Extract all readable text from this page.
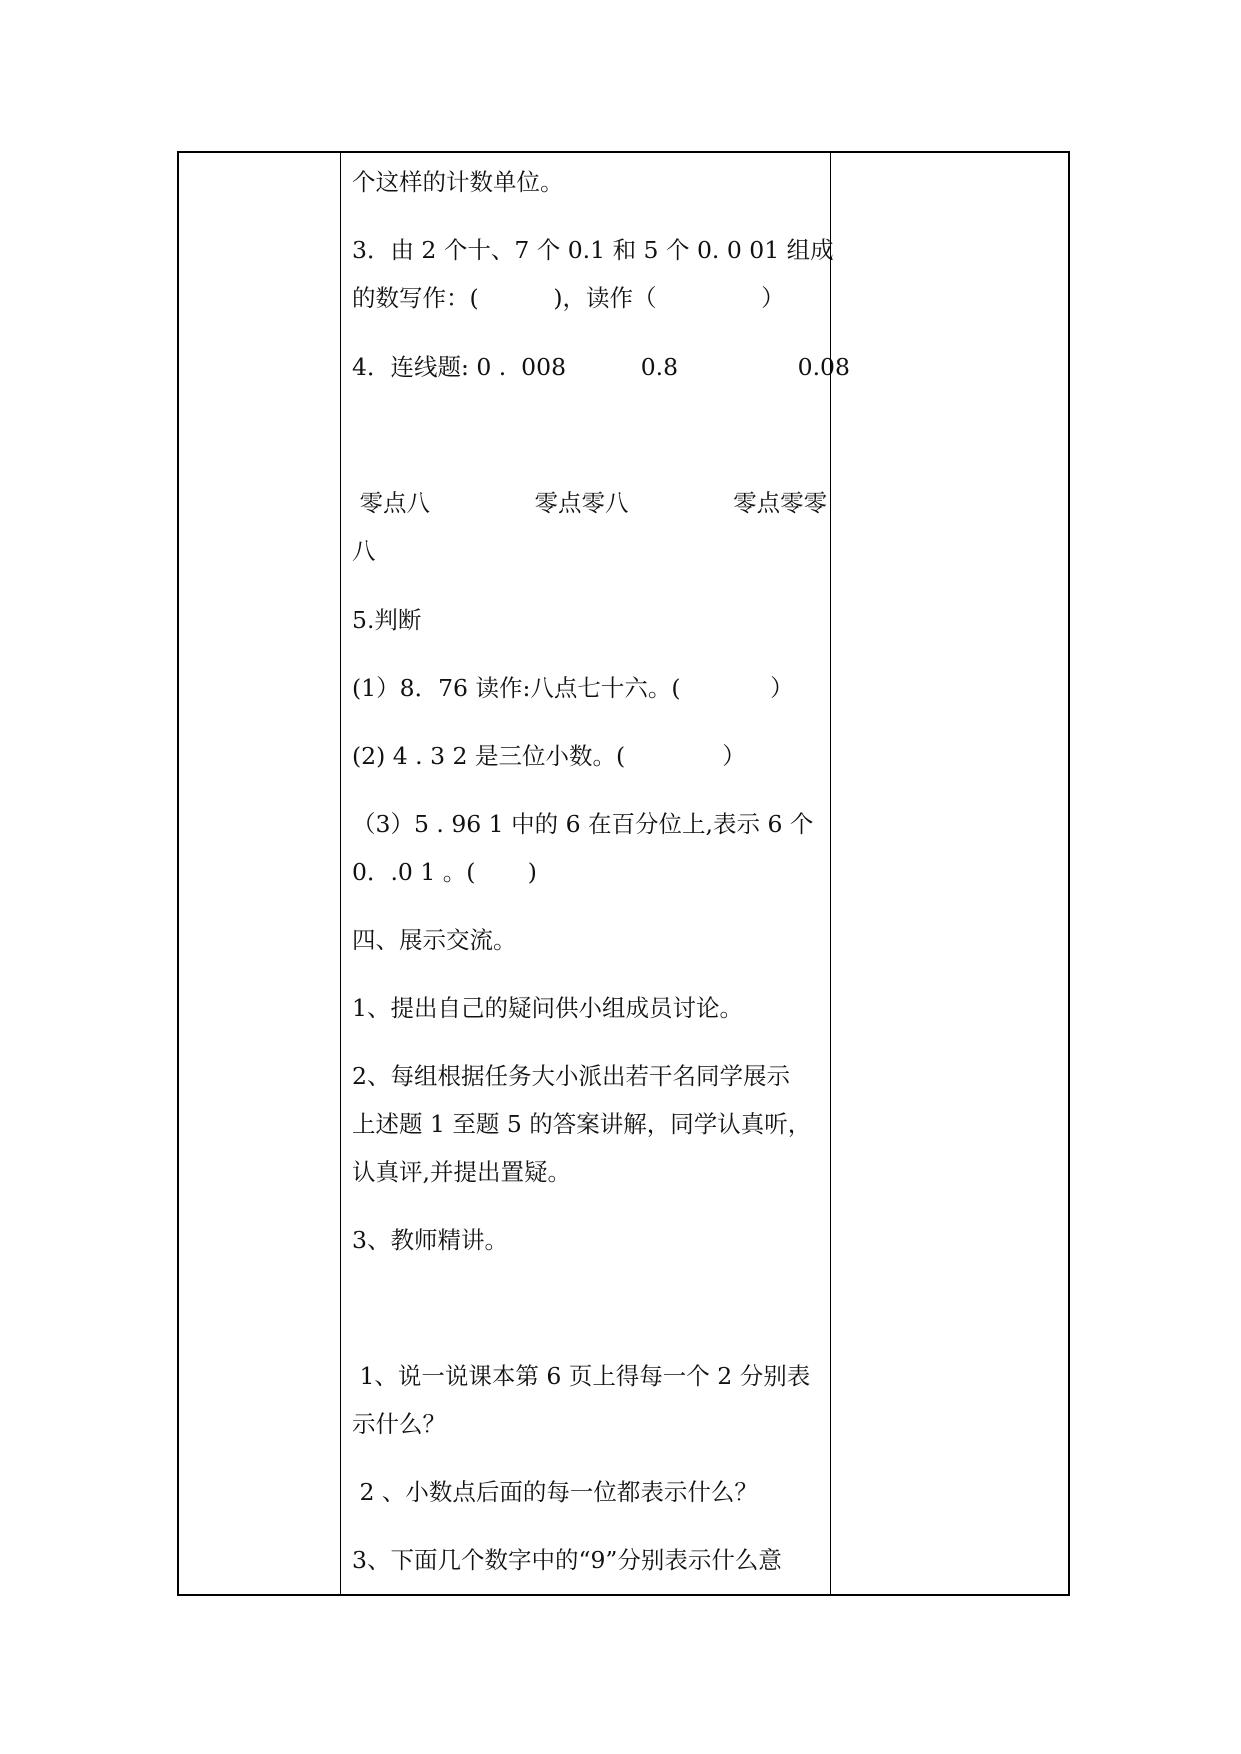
个这样的计数单位。
3．由 2 个十、7 个 0.1 和 5 个 0. 0 01 组成
的数写作：(          )，读作（              ）
4．连线题: 0 .  008          0.8                0.08
零点八              零点零八              零点零零
八
5.判断
(1）8．76 读作:八点七十六。(            ）
(2) 4 . 3 2 是三位小数。(             ）
（3）5 . 96 1 中的 6 在百分位上,表示 6 个
0．.0 1 。(       )
四、展示交流。
1、提出自己的疑问供小组成员讨论。
2、每组根据任务大小派出若干名同学展示
上述题 1 至题 5 的答案讲解，同学认真听，
认真评,并提出置疑。
3、教师精讲。
1、说一说课本第 6 页上得每一个 2 分别表
示什么？
2 、小数点后面的每一位都表示什么？
3、下面几个数字中的“9”分别表示什么意
